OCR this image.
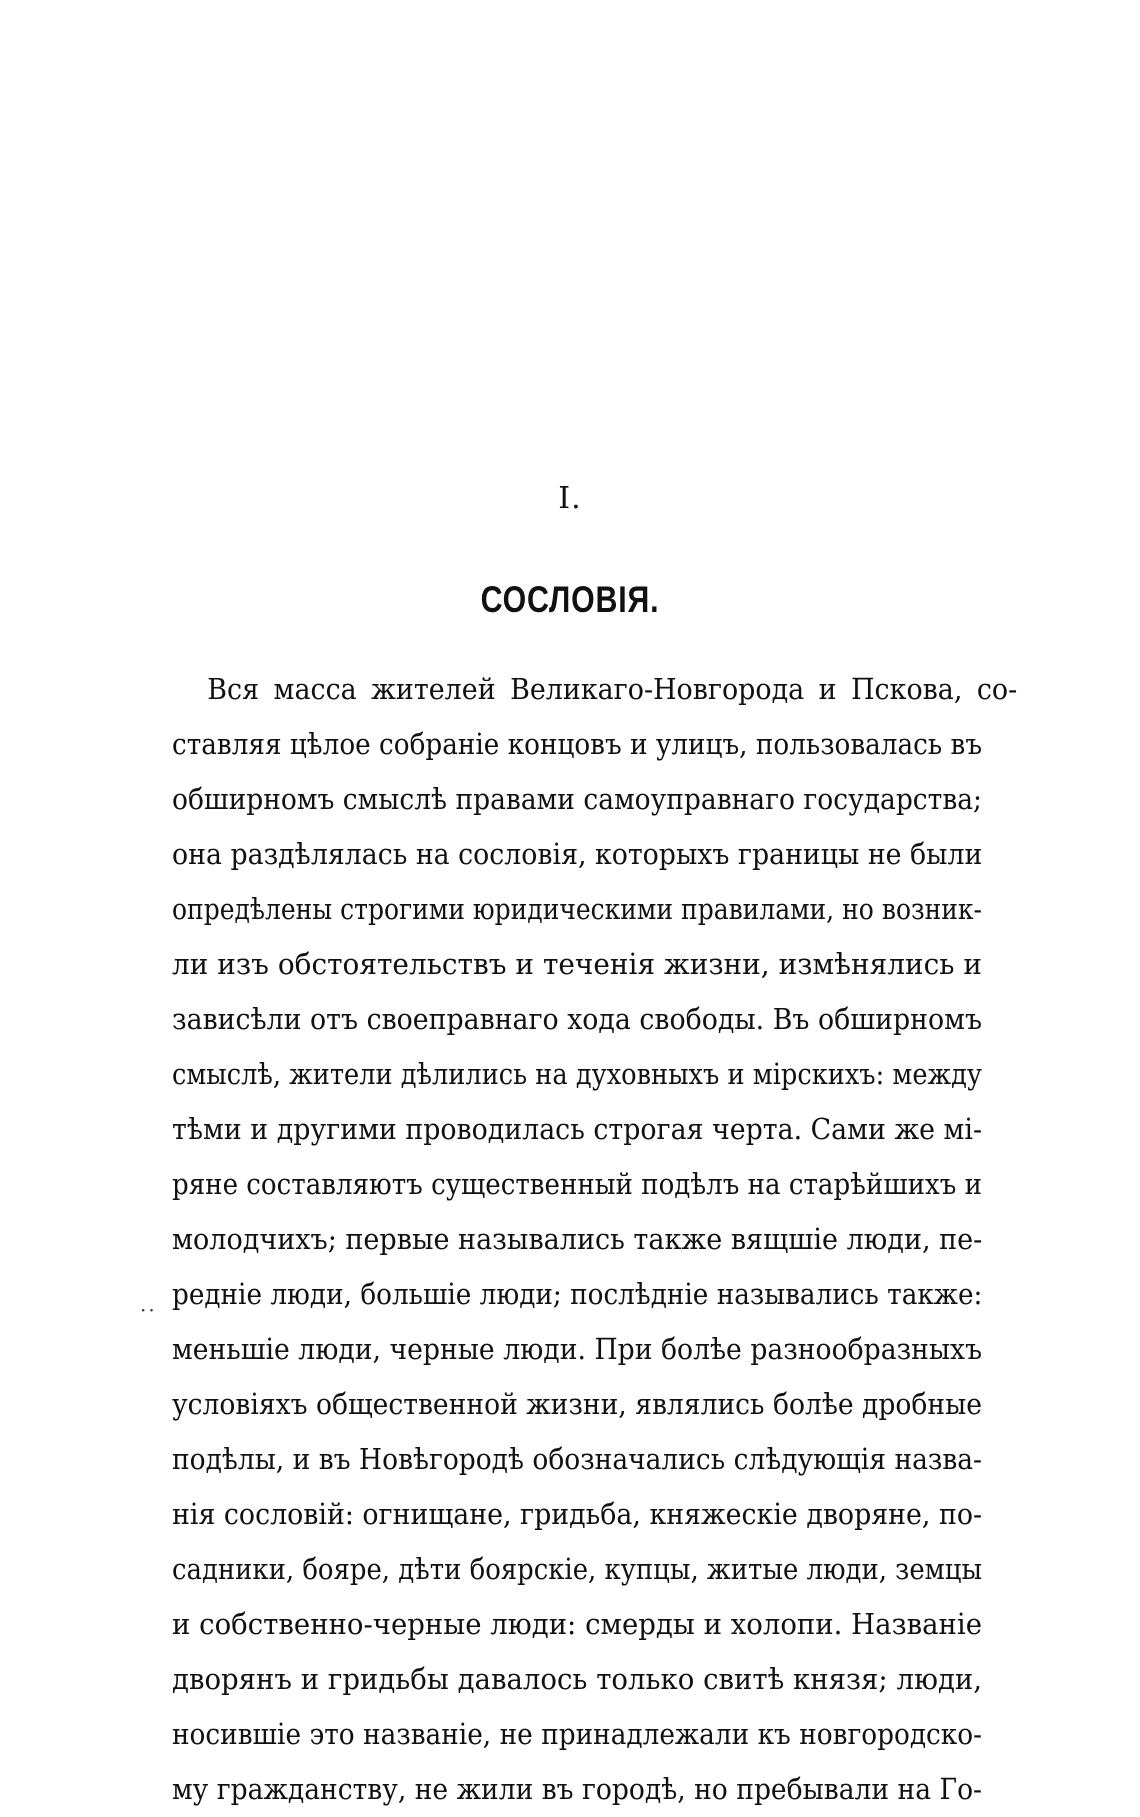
I.
СОСЛОВІЯ.
··
Вся масса жителей Великаго-Новгорода и Пскова, со-
ставляя цѣлое собраніе концовъ и улицъ, пользовалась въ
обширномъ смыслѣ правами самоуправнаго государства;
она раздѣлялась на сословія, которыхъ границы не были
опредѣлены строгими юридическими правилами, но возник-
ли изъ обстоятельствъ и теченія жизни, измѣнялись и
зависѣли отъ своеправнаго хода свободы. Въ обширномъ
смыслѣ, жители дѣлились на духовныхъ и мірскихъ: между
тѣми и другими проводилась строгая черта. Сами же мі-
ряне составляютъ существенный подѣлъ на старѣйшихъ и
молодчихъ; первые назывались также вящшіе люди, пе-
редніе люди, большіе люди; послѣдніе назывались также:
меньшіе люди, черные люди. При болѣе разнообразныхъ
условіяхъ общественной жизни, являлись болѣе дробные
подѣлы, и въ Новѣгородѣ обозначались слѣдующія назва-
нія сословій: огнищане, гридьба, княжескіе дворяне, по-
садники, бояре, дѣти боярскіе, купцы, житые люди, земцы
и собственно-черные люди: смерды и холопи. Названіе
дворянъ и гридьбы давалось только свитѣ князя; люди,
носившіе это названіе, не принадлежали къ новгородско-
му гражданству, не жили въ городѣ, но пребывали на Го-
